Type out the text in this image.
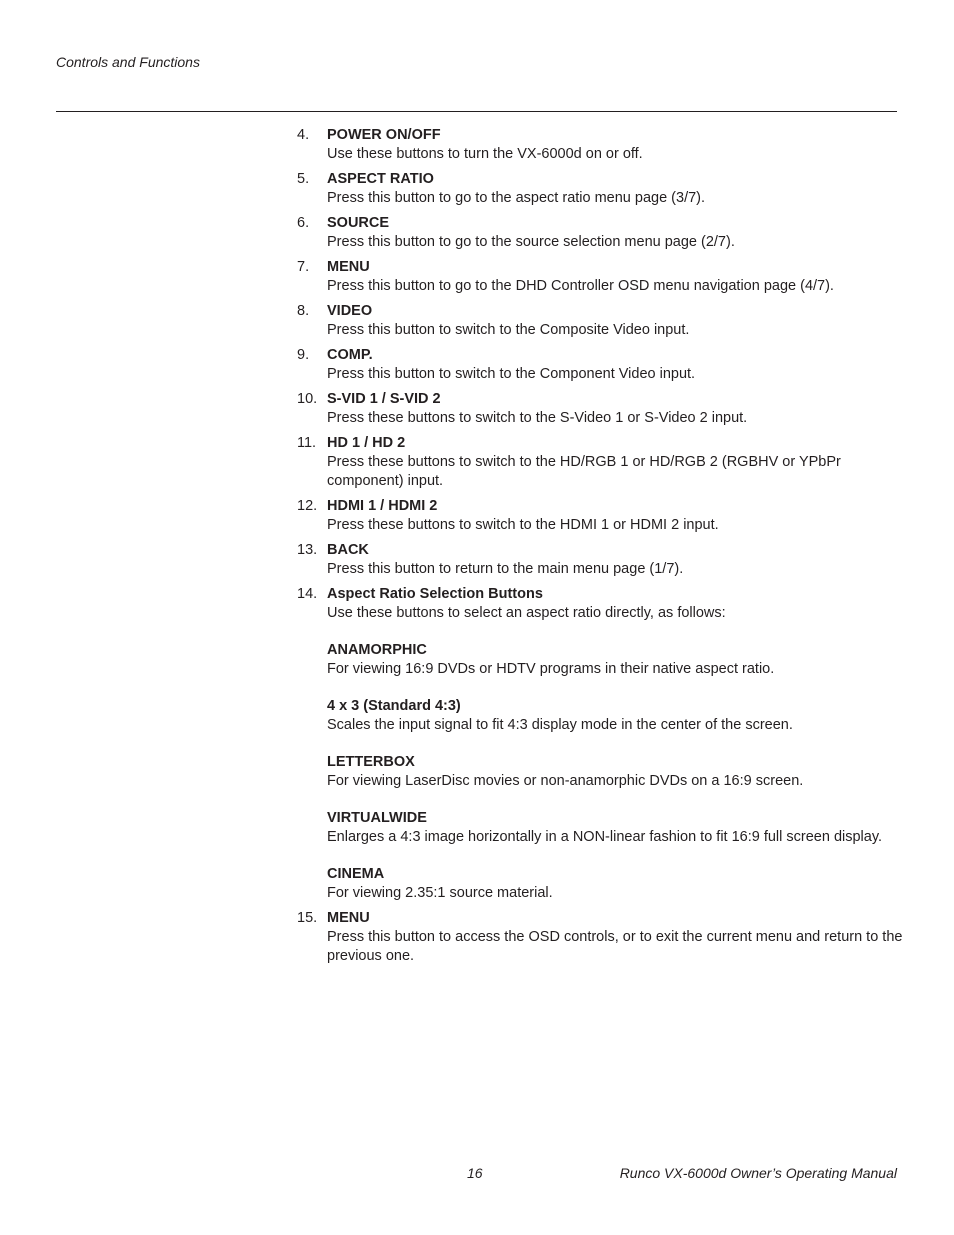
Controls and Functions
4.	POWER ON/OFF
Use these buttons to turn the VX-6000d on or off.
5.	ASPECT RATIO
Press this button to go to the aspect ratio menu page (3/7).
6.	SOURCE
Press this button to go to the source selection menu page (2/7).
7.	MENU
Press this button to go to the DHD Controller OSD menu navigation page (4/7).
8.	VIDEO
Press this button to switch to the Composite Video input.
9.	COMP.
Press this button to switch to the Component Video input.
10. S-VID 1 / S-VID 2
Press these buttons to switch to the S-Video 1 or S-Video 2 input.
11. HD 1 / HD 2
Press these buttons to switch to the HD/RGB 1 or HD/RGB 2 (RGBHV or YPbPr component) input.
12. HDMI 1 / HDMI 2
Press these buttons to switch to the HDMI 1 or HDMI 2 input.
13. BACK
Press this button to return to the main menu page (1/7).
14. Aspect Ratio Selection Buttons
Use these buttons to select an aspect ratio directly, as follows:
ANAMORPHIC
For viewing 16:9 DVDs or HDTV programs in their native aspect ratio.
4 x 3 (Standard 4:3)
Scales the input signal to fit 4:3 display mode in the center of the screen.
LETTERBOX
For viewing LaserDisc movies or non-anamorphic DVDs on a 16:9 screen.
VIRTUALWIDE
Enlarges a 4:3 image horizontally in a NON-linear fashion to fit 16:9 full screen display.
CINEMA
For viewing 2.35:1 source material.
15. MENU
Press this button to access the OSD controls, or to exit the current menu and return to the previous one.
16	Runco VX-6000d Owner’s Operating Manual
